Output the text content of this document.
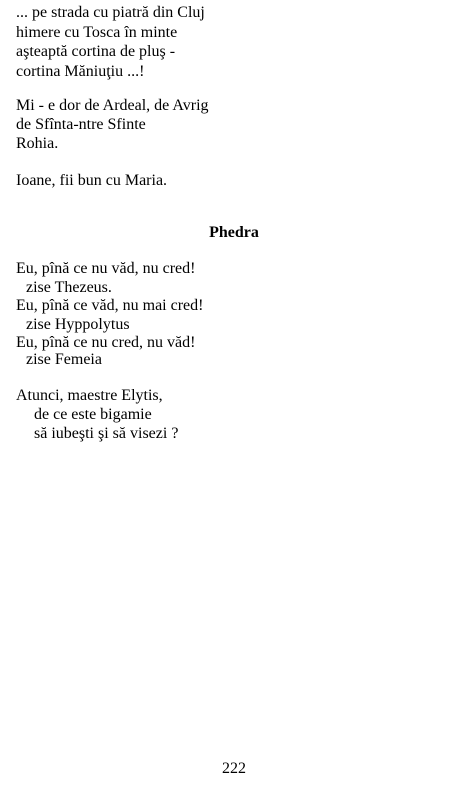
... pe strada cu piatră din Cluj
himere cu Tosca în minte
aşteaptă cortina de pluş -
cortina Măniuţiu ...!
Mi - e dor de Ardeal, de Avrig
de Sfînta-ntre Sfinte
Rohia.
Ioane, fii bun cu Maria.
Phedra
Eu, pînă ce nu văd, nu cred!
zise Thezeus.
Eu, pînă ce văd, nu mai cred!
zise Hyppolytus
Eu, pînă ce nu cred, nu văd!
zise Femeia
Atunci, maestre Elytis,
de ce este bigamie
să iubeşti şi să visezi ?
222
